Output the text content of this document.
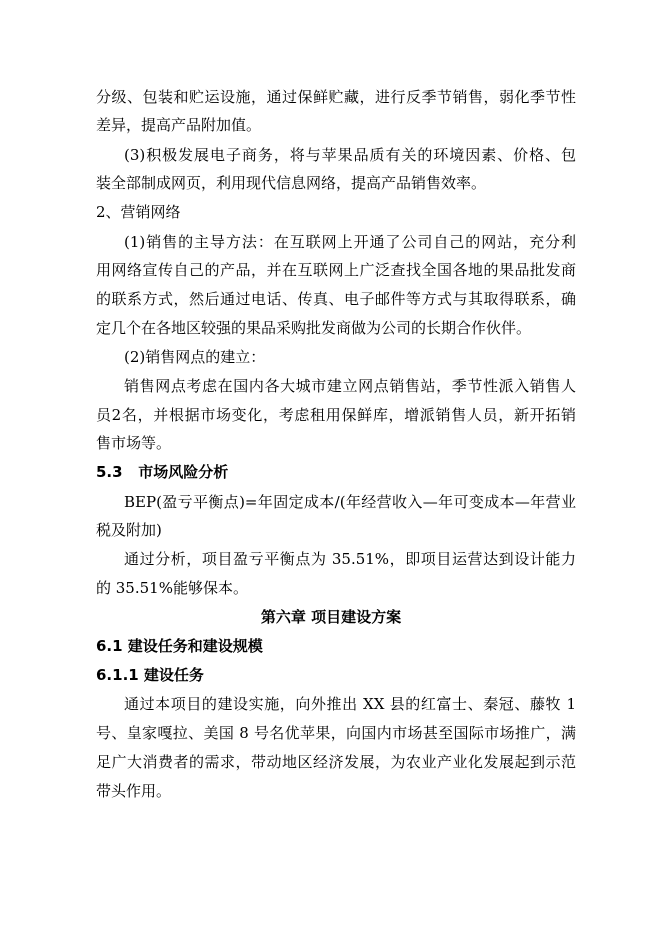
分级、包装和贮运设施，通过保鲜贮藏，进行反季节销售，弱化季节性
差异，提高产品附加值。
(3)积极发展电子商务，将与苹果品质有关的环境因素、价格、包
装全部制成网页，利用现代信息网络，提高产品销售效率。
2、营销网络
(1)销售的主导方法：在互联网上开通了公司自己的网站，充分利
用网络宣传自己的产品，并在互联网上广泛查找全国各地的果品批发商
的联系方式，然后通过电话、传真、电子邮件等方式与其取得联系，确
定几个在各地区较强的果品采购批发商做为公司的长期合作伙伴。
(2)销售网点的建立：
销售网点考虑在国内各大城市建立网点销售站，季节性派入销售人
员2名，并根据市场变化，考虑租用保鲜库，增派销售人员，新开拓销
售市场等。
5.3   市场风险分析
BEP(盈亏平衡点)=年固定成本/(年经营收入—年可变成本—年营业
税及附加)
通过分析，项目盈亏平衡点为 35.51%，即项目运营达到设计能力
的 35.51%能够保本。
第六章 项目建设方案
6.1 建设任务和建设规模
6.1.1 建设任务
通过本项目的建设实施，向外推出 XX 县的红富士、秦冠、藤牧 1
号、皇家嘎拉、美国 8 号名优苹果，向国内市场甚至国际市场推广，满
足广大消费者的需求，带动地区经济发展，为农业产业化发展起到示范
带头作用。
